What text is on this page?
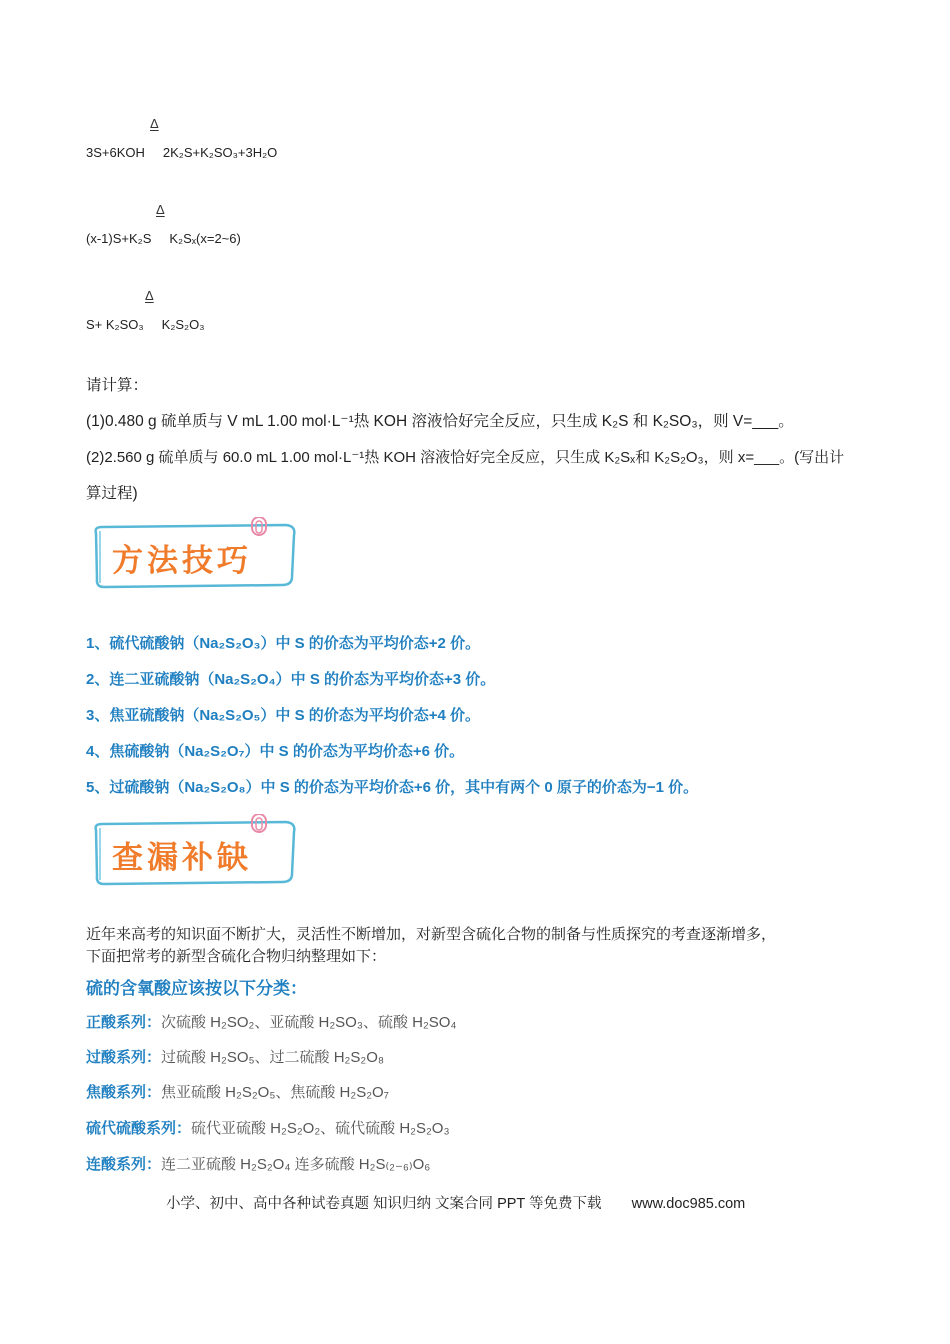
Δ
3S+6KOH 2K₂S+K₂SO₃+3H₂O
Δ
(x-1)S+K₂S K₂Sₓ(x=2~6)
Δ
S+ K₂SO₃ K₂S₂O₃
请计算：
(1)0.480 g 硫单质与 V mL 1.00 mol·L⁻¹热 KOH 溶液恰好完全反应，只生成 K₂S 和 K₂SO₃，则 V=___。
(2)2.560 g 硫单质与 60.0 mL 1.00 mol·L⁻¹热 KOH 溶液恰好完全反应，只生成 K₂Sₓ和 K₂S₂O₃，则 x=___。(写出计
算过程)
方法技巧
1、硫代硫酸钠（Na₂S₂O₃）中 S 的价态为平均价态+2 价。
2、连二亚硫酸钠（Na₂S₂O₄）中 S 的价态为平均价态+3 价。
3、焦亚硫酸钠（Na₂S₂O₅）中 S 的价态为平均价态+4 价。
4、焦硫酸钠（Na₂S₂O₇）中 S 的价态为平均价态+6 价。
5、过硫酸钠（Na₂S₂O₈）中 S 的价态为平均价态+6 价，其中有两个 0 原子的价态为−1 价。
查漏补缺
近年来高考的知识面不断扩大，灵活性不断增加，对新型含硫化合物的制备与性质探究的考查逐渐增多，
下面把常考的新型含硫化合物归纳整理如下：
硫的含氧酸应该按以下分类：
正酸系列：次硫酸 H₂SO₂、亚硫酸 H₂SO₃、硫酸 H₂SO₄
过酸系列：过硫酸 H₂SO₅、过二硫酸 H₂S₂O₈
焦酸系列：焦亚硫酸 H₂S₂O₅、焦硫酸 H₂S₂O₇
硫代硫酸系列：硫代亚硫酸 H₂S₂O₂、硫代硫酸 H₂S₂O₃
连酸系列：连二亚硫酸 H₂S₂O₄ 连多硫酸 H₂S₍₂₋₆₎O₆
小学、初中、高中各种试卷真题 知识归纳 文案合同 PPT 等免费下载 www.doc985.com
